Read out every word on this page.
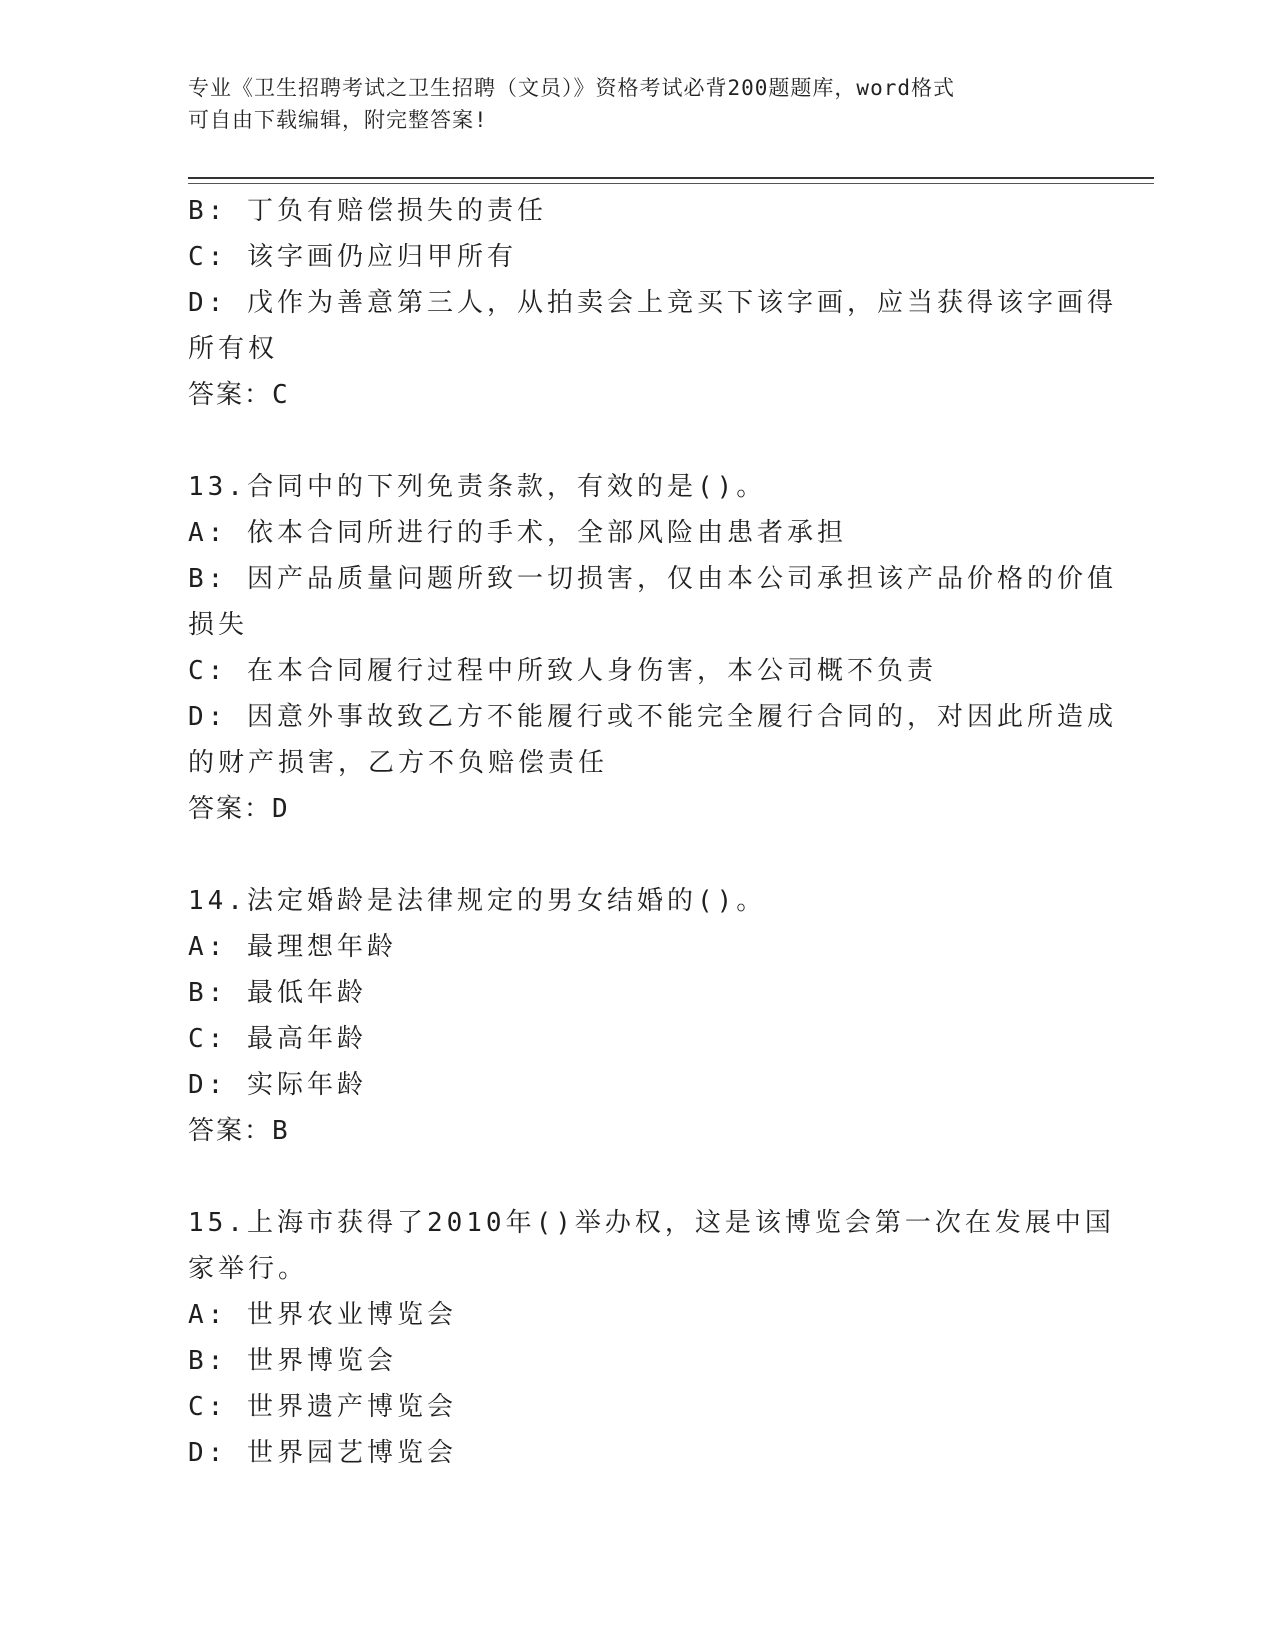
专业《卫生招聘考试之卫生招聘（文员）》资格考试必背200题题库，word格式
可自由下载编辑，附完整答案!
B: 丁负有赔偿损失的责任
C: 该字画仍应归甲所有
D: 戊作为善意第三人，从拍卖会上竞买下该字画，应当获得该字画得
所有权
答案：C
13.合同中的下列免责条款，有效的是()。
A: 依本合同所进行的手术，全部风险由患者承担
B: 因产品质量问题所致一切损害，仅由本公司承担该产品价格的价值
损失
C: 在本合同履行过程中所致人身伤害，本公司概不负责
D: 因意外事故致乙方不能履行或不能完全履行合同的，对因此所造成
的财产损害，乙方不负赔偿责任
答案：D
14.法定婚龄是法律规定的男女结婚的()。
A: 最理想年龄
B: 最低年龄
C: 最高年龄
D: 实际年龄
答案：B
15.上海市获得了2010年()举办权，这是该博览会第一次在发展中国
家举行。
A: 世界农业博览会
B: 世界博览会
C: 世界遗产博览会
D: 世界园艺博览会
